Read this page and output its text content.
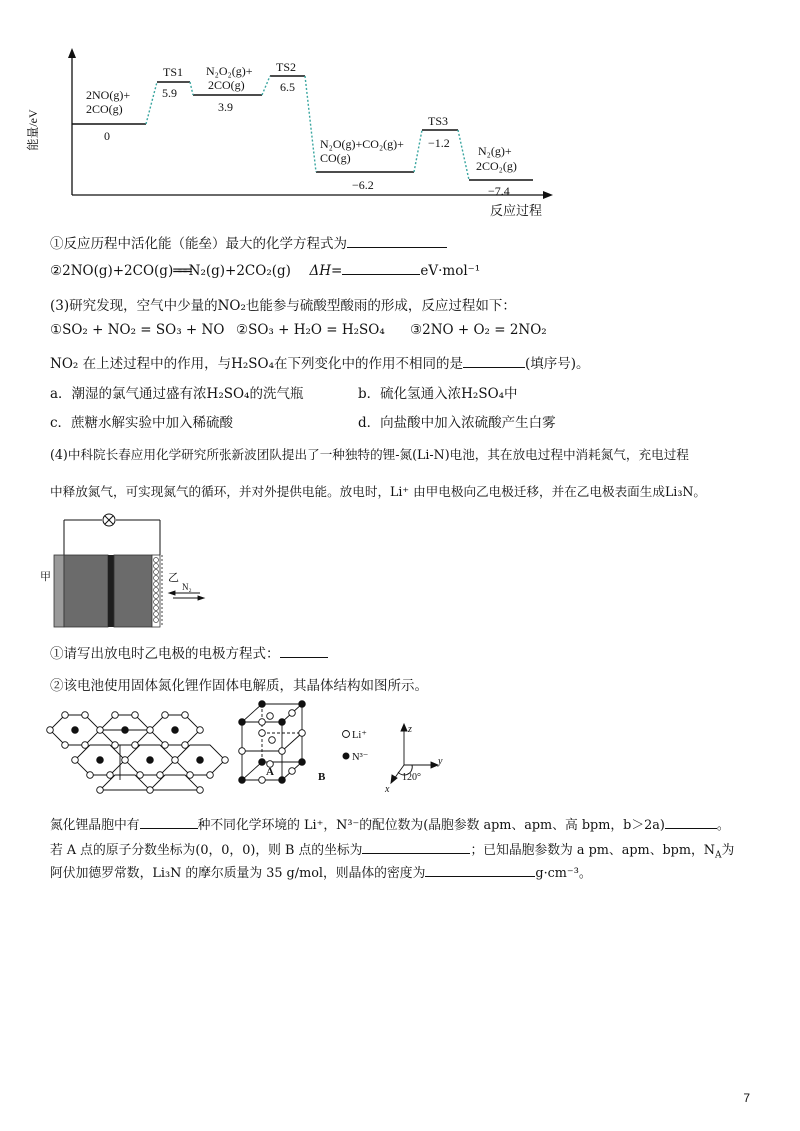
能量/eV
反应过程
2NO(g)+
2CO(g)
0
TS1
5.9
N₂O₂(g)+
2CO(g)
3.9
TS2
6.5
N₂O(g)+CO₂(g)+
CO(g)
−6.2
TS3
−1.2
N₂(g)+
2CO₂(g)
−7.4
①反应历程中活化能（能垒）最大的化学方程式为
②2NO(g)+2CO(g)═══N₂(g)+2CO₂(g) ΔH=	eV·mol⁻¹
(3)研究发现，空气中少量的NO₂也能参与硫酸型酸雨的形成，反应过程如下：
①SO₂ + NO₂ = SO₃ + NO ②SO₃ + H₂O = H₂SO₄ ③2NO + O₂ = 2NO₂
NO₂ 在上述过程中的作用，与H₂SO₄在下列变化中的作用不相同的是	(填序号)。
a．潮湿的氯气通过盛有浓H₂SO₄的洗气瓶	b．硫化氢通入浓H₂SO₄中
c．蔗糖水解实验中加入稀硫酸	d．向盐酸中加入浓硫酸产生白雾
(4)中科院长春应用化学研究所张新波团队提出了一种独特的锂-氮(Li-N)电池，其在放电过程中消耗氮气，充电过程
中释放氮气，可实现氮气的循环，并对外提供电能。放电时，Li⁺ 由甲电极向乙电极迁移，并在乙电极表面生成Li₃N。
甲	乙
N₂
①请写出放电时乙电极的电极方程式：
②该电池使用固体氮化锂作固体电解质，其晶体结构如图所示。
A	B
Li⁺
N³⁻
z
y
x
120°
氮化锂晶胞中有	种不同化学环境的 Li⁺，N³⁻的配位数为(晶胞参数 apm、apm、高 bpm，b＞2a)	。
若 A 点的原子分数坐标为(0，0，0)，则 B 点的坐标为	；已知晶胞参数为 a pm、apm、bpm，$N_A$为
阿伏加德罗常数，Li₃N 的摩尔质量为 35 g/mol，则晶体的密度为	g·cm⁻³。
7
